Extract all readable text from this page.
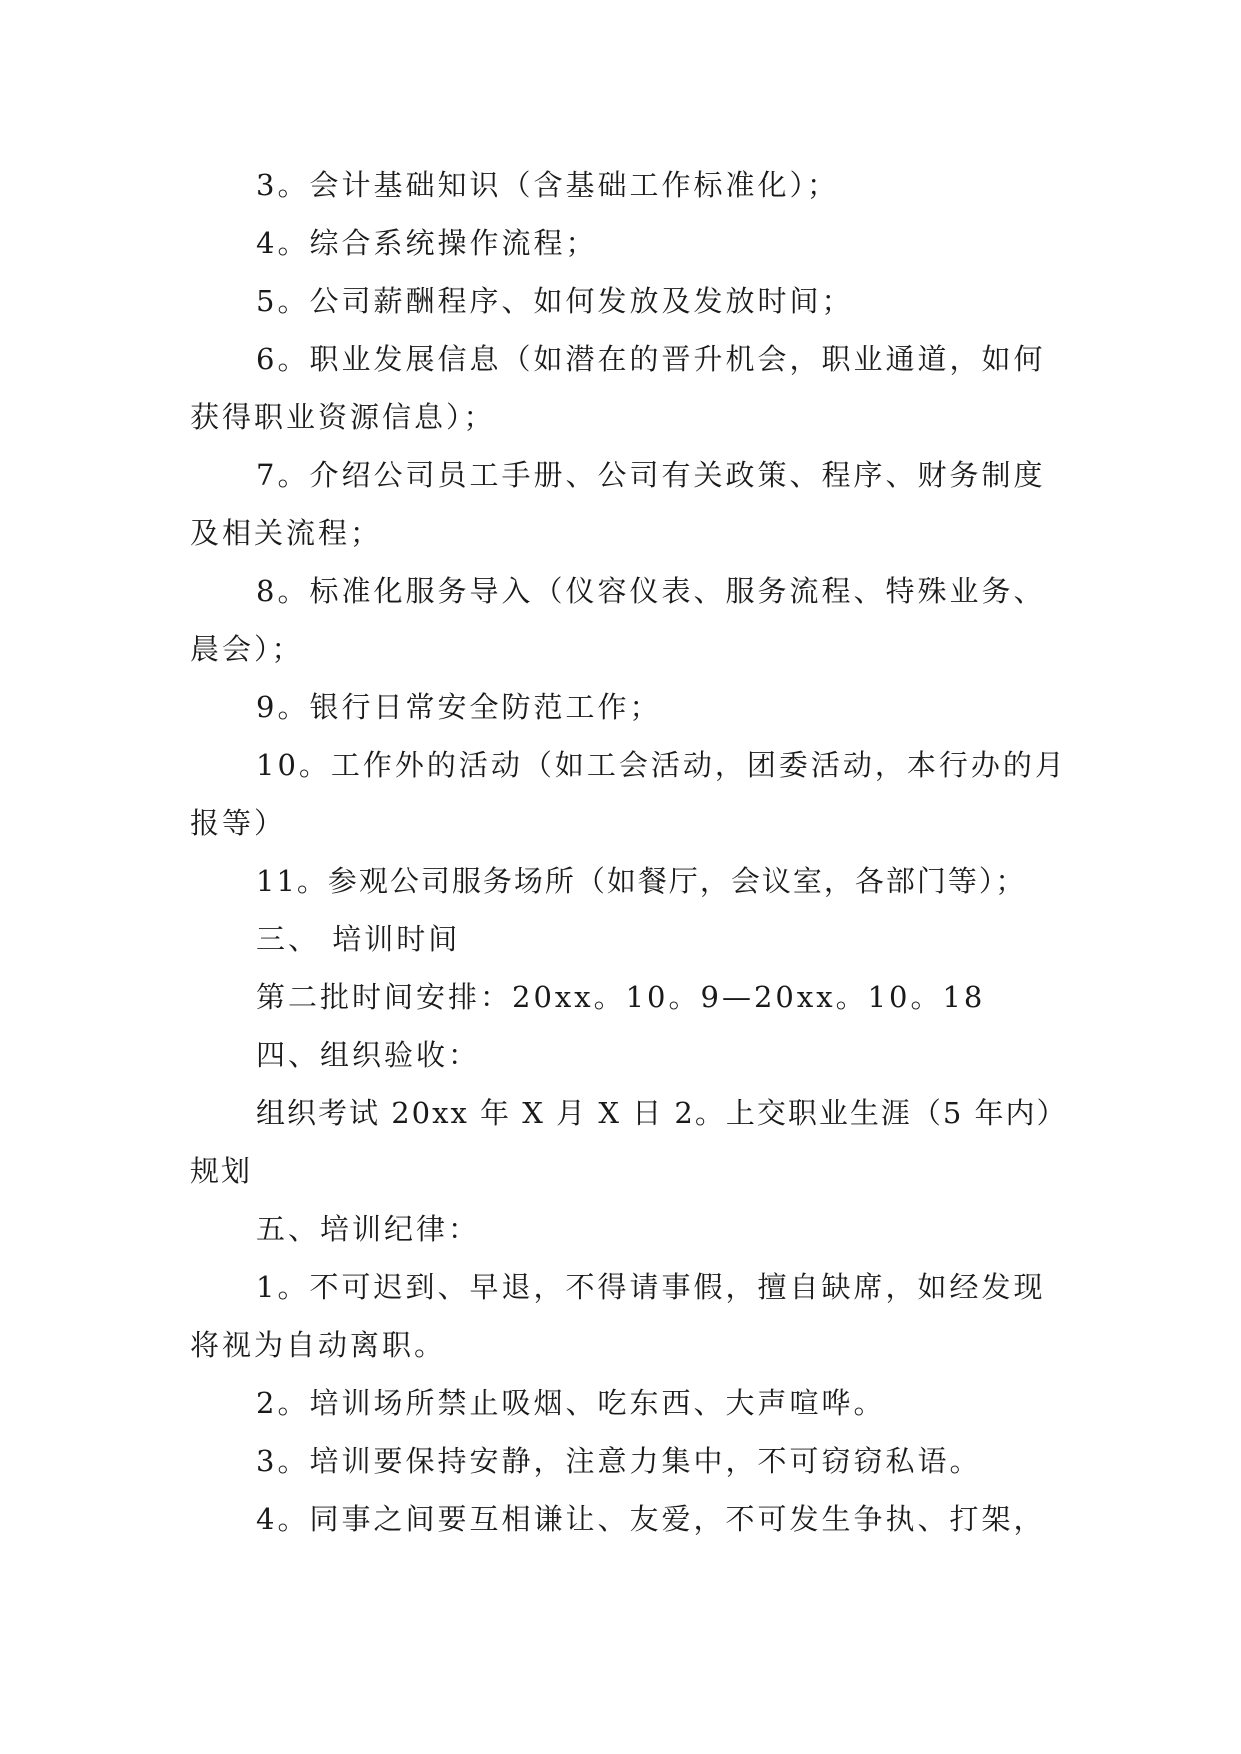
3。会计基础知识（含基础工作标准化）；

4。综合系统操作流程；

5。公司薪酬程序、如何发放及发放时间；

6。职业发展信息（如潜在的晋升机会，职业通道，如何获得职业资源信息）；

7。介绍公司员工手册、公司有关政策、程序、财务制度及相关流程；

8。标准化服务导入（仪容仪表、服务流程、特殊业务、晨会）；

9。银行日常安全防范工作；

10。工作外的活动（如工会活动，团委活动，本行办的月报等）

11。参观公司服务场所（如餐厅，会议室，各部门等）；

三、 培训时间

第二批时间安排：20xx。10。9—20xx。10。18

四、组织验收：

组织考试 20xx 年 X 月 X 日 2。上交职业生涯（5 年内）规划

五、培训纪律：

1。不可迟到、早退，不得请事假，擅自缺席，如经发现将视为自动离职。

2。培训场所禁止吸烟、吃东西、大声喧哗。

3。培训要保持安静，注意力集中，不可窃窃私语。

4。同事之间要互相谦让、友爱，不可发生争执、打架，
